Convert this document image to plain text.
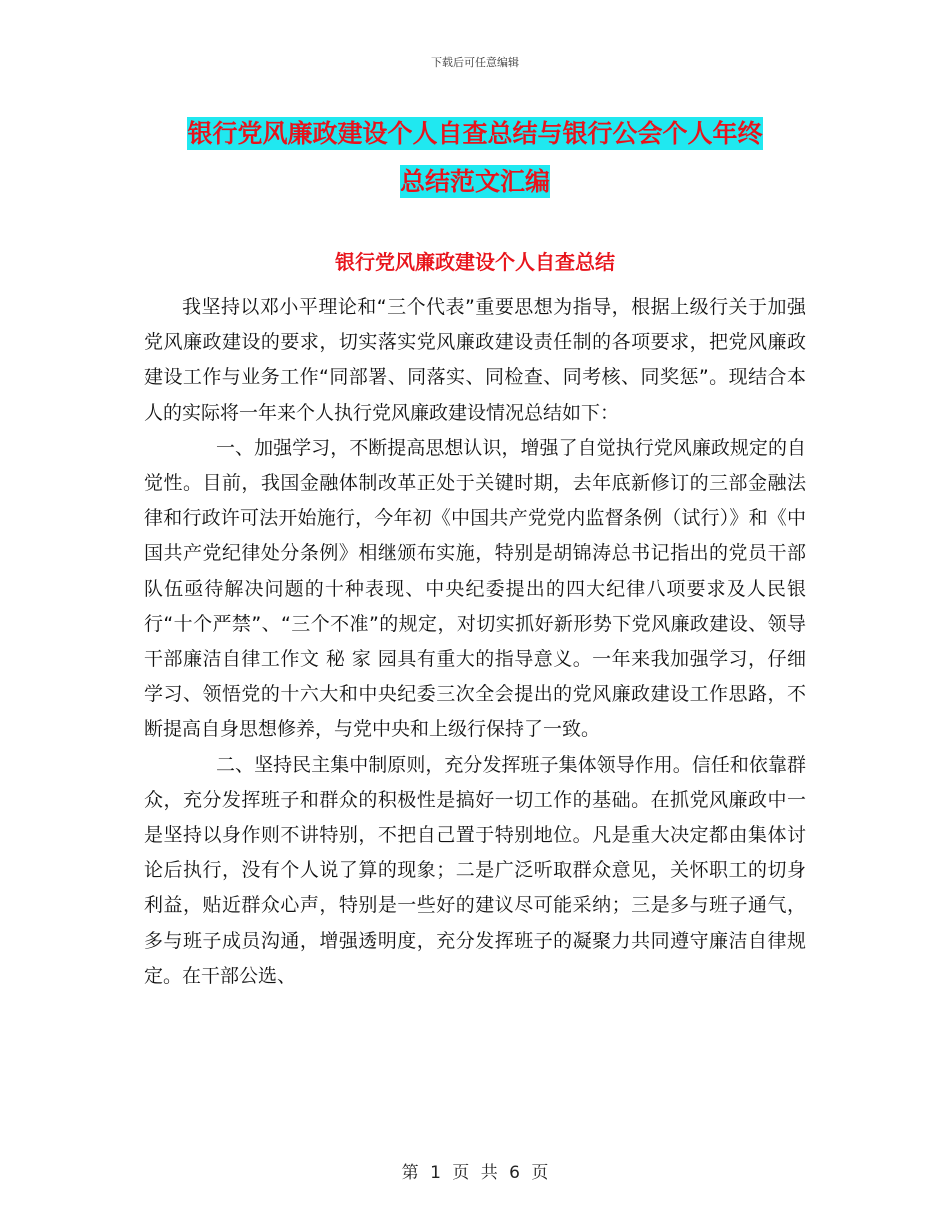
下载后可任意编辑
银行党风廉政建设个人自查总结与银行公会个人年终
总结范文汇编
银行党风廉政建设个人自查总结

我坚持以邓小平理论和“三个代表”重要思想为指导，根据上级行关于加强党风廉政建设的要求，切实落实党风廉政建设责任制的各项要求，把党风廉政建设工作与业务工作“同部署、同落实、同检查、同考核、同奖惩”。现结合本人的实际将一年来个人执行党风廉政建设情况总结如下：

一、加强学习，不断提高思想认识，增强了自觉执行党风廉政规定的自觉性。目前，我国金融体制改革正处于关键时期，去年底新修订的三部金融法律和行政许可法开始施行，今年初《中国共产党党内监督条例（试行）》和《中国共产党纪律处分条例》相继颁布实施，特别是胡锦涛总书记指出的党员干部队伍亟待解决问题的十种表现、中央纪委提出的四大纪律八项要求及人民银行“十个严禁”、“三个不准”的规定，对切实抓好新形势下党风廉政建设、领导干部廉洁自律工作文 秘 家 园具有重大的指导意义。一年来我加强学习，仔细学习、领悟党的十六大和中央纪委三次全会提出的党风廉政建设工作思路，不断提高自身思想修养，与党中央和上级行保持了一致。

二、坚持民主集中制原则，充分发挥班子集体领导作用。信任和依靠群众，充分发挥班子和群众的积极性是搞好一切工作的基础。在抓党风廉政中一是坚持以身作则不讲特别，不把自己置于特别地位。凡是重大决定都由集体讨论后执行，没有个人说了算的现象；二是广泛听取群众意见，关怀职工的切身利益，贴近群众心声，特别是一些好的建议尽可能采纳；三是多与班子通气，多与班子成员沟通，增强透明度，充分发挥班子的凝聚力共同遵守廉洁自律规定。在干部公选、

第 1 页 共 6 页
